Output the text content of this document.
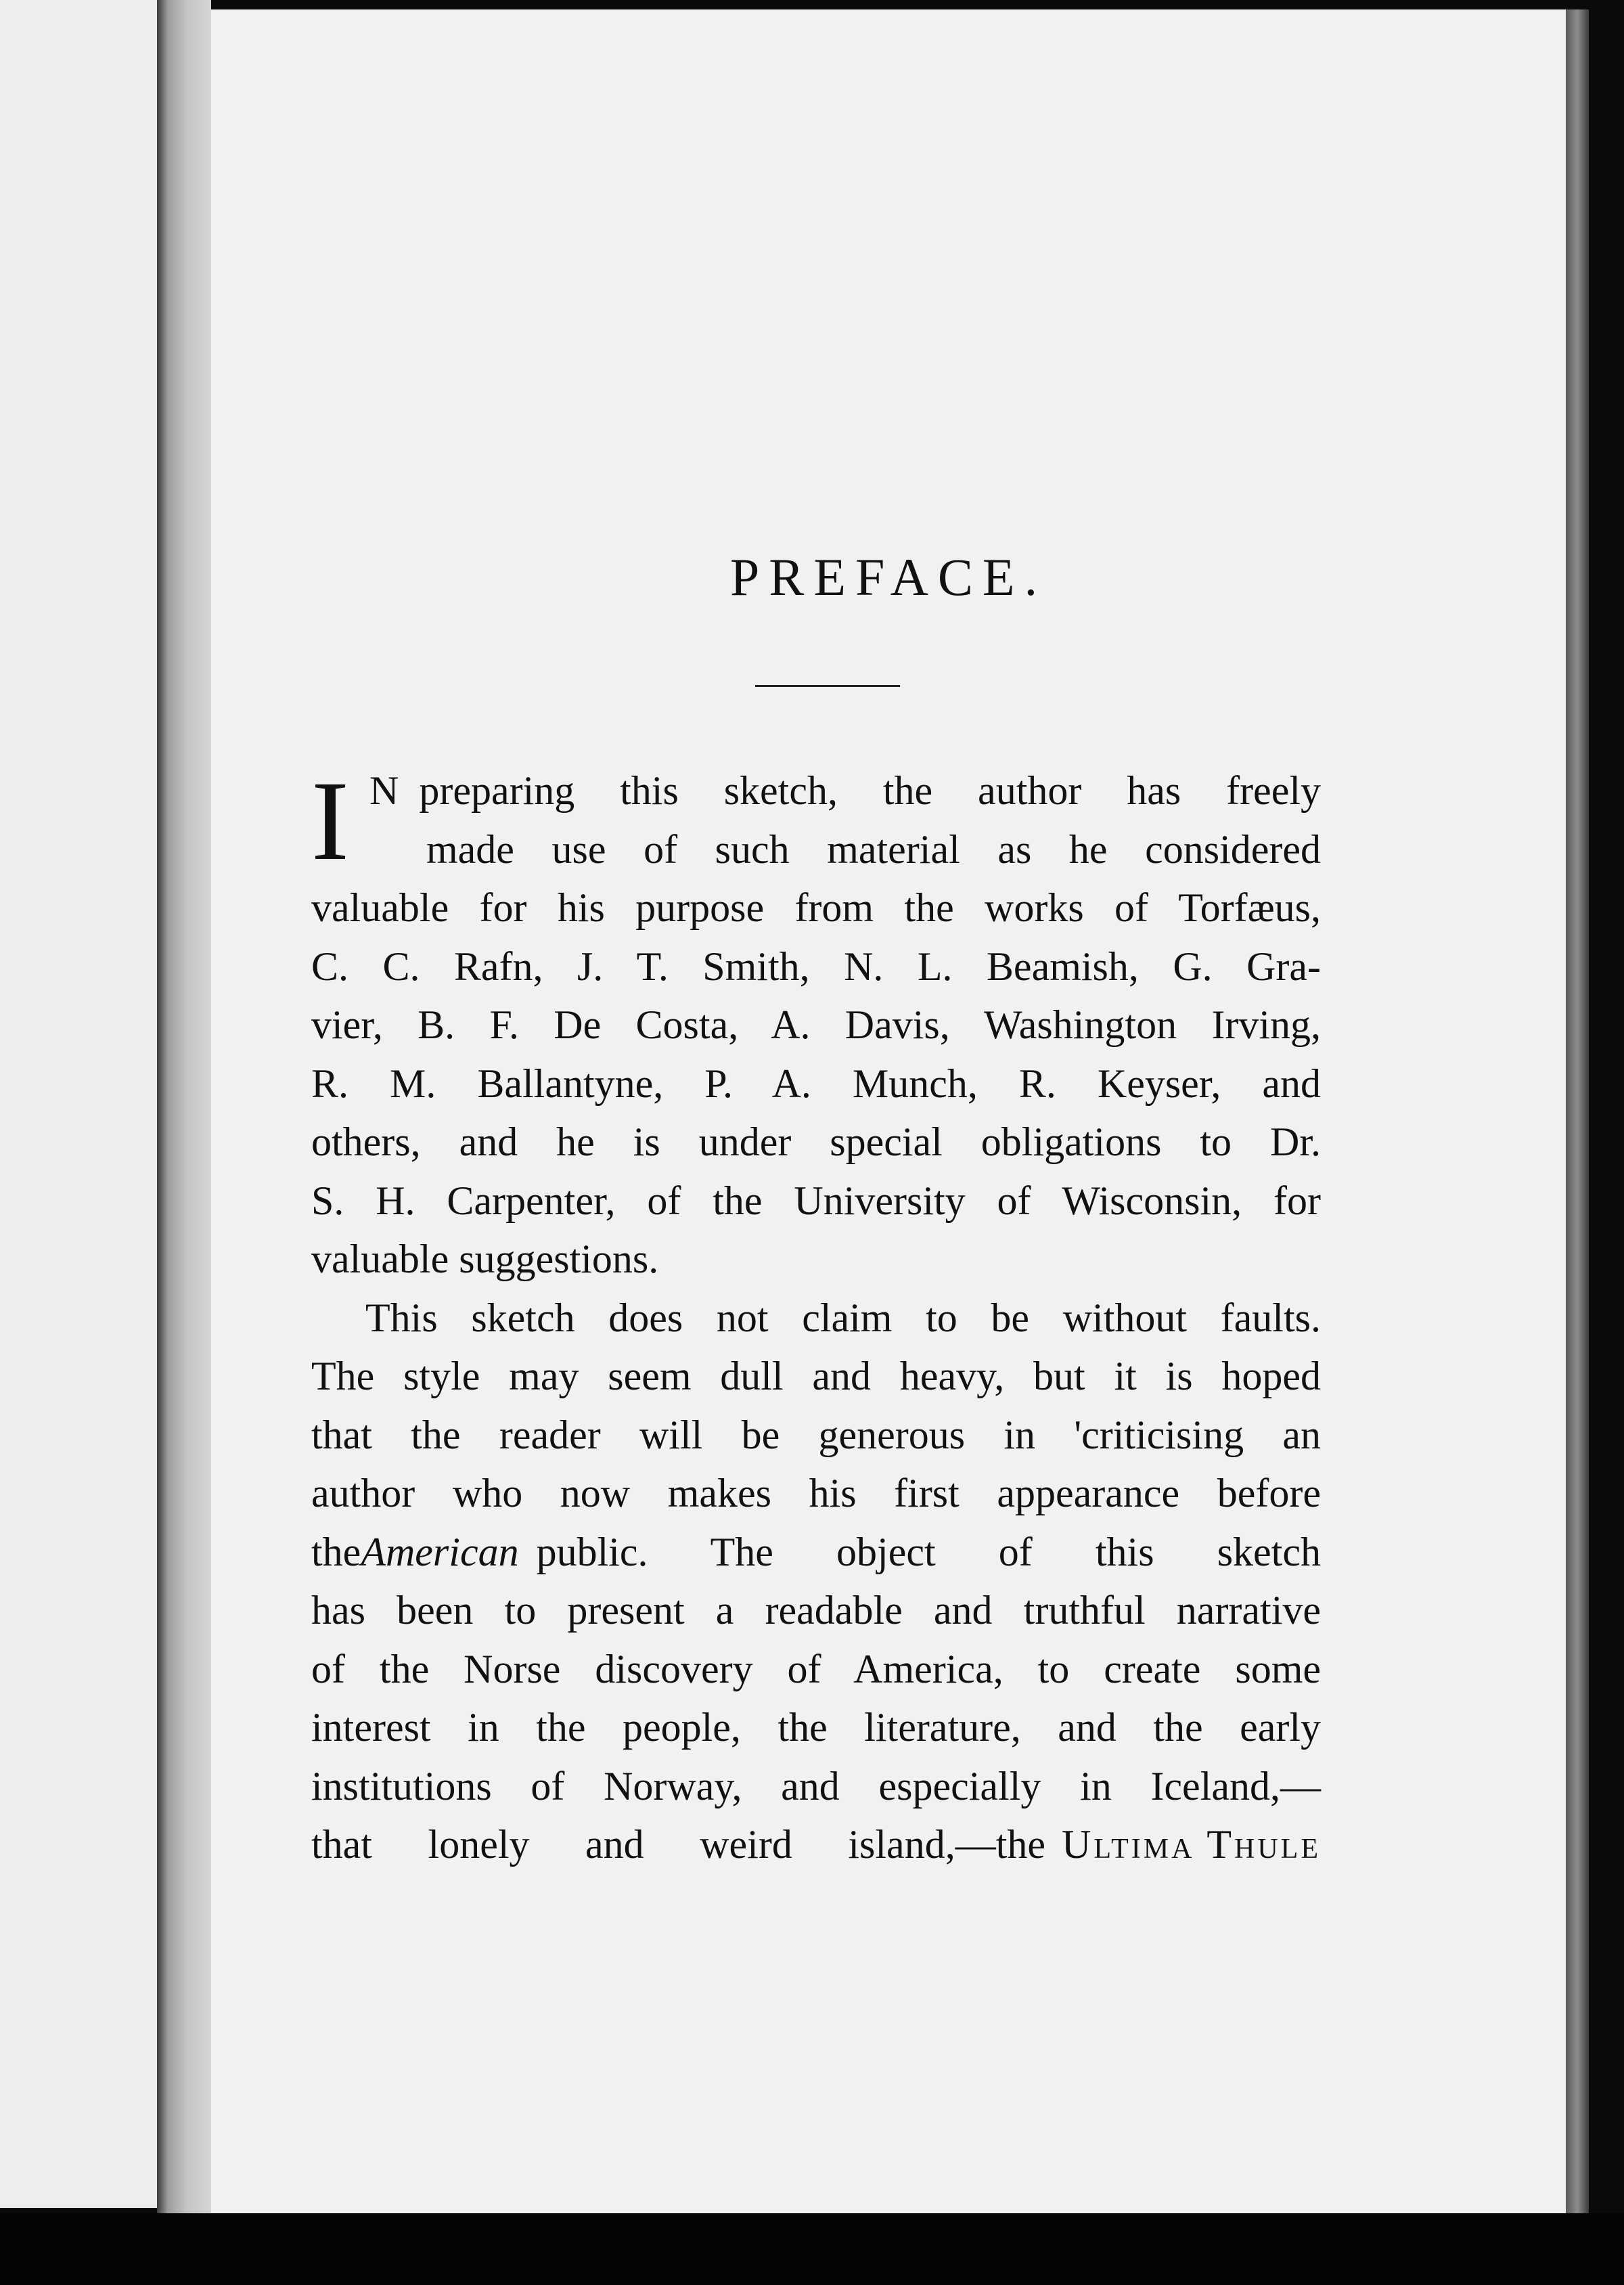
PREFACE.
I N preparing this sketch, the author has freely
made use of such material as he considered
valuable for his purpose from the works of Torfæus,
C. C. Rafn, J. T. Smith, N. L. Beamish, G. Gra-
vier, B. F. De Costa, A. Davis, Washington Irving,
R. M. Ballantyne, P. A. Munch, R. Keyser, and
others, and he is under special obligations to Dr.
S. H. Carpenter, of the University of Wisconsin, for
valuable suggestions.
This sketch does not claim to be without faults.
The style may seem dull and heavy, but it is hoped
that the reader will be generous in 'criticising an
author who now makes his first appearance before
the American public. The object of this sketch
has been to present a readable and truthful narrative
of the Norse discovery of America, to create some
interest in the people, the literature, and the early
institutions of Norway, and especially in Iceland,—
that lonely and weird island,—the Ultima Thule
